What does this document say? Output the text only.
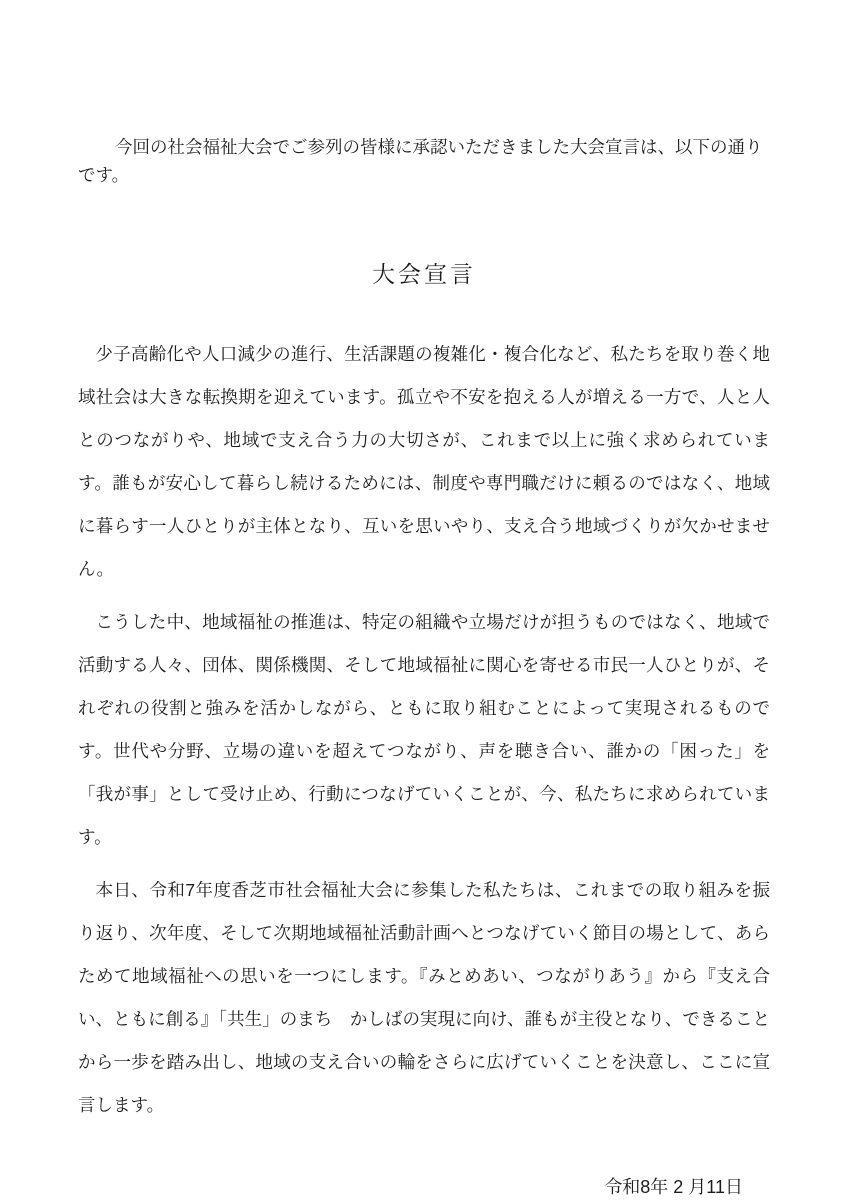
今回の社会福祉大会でご参列の皆様に承認いただきました大会宣言は、以下の通りです。

大会宣言

少子高齢化や人口減少の進行、生活課題の複雑化・複合化など、私たちを取り巻く地域社会は大きな転換期を迎えています。孤立や不安を抱える人が増える一方で、人と人とのつながりや、地域で支え合う力の大切さが、これまで以上に強く求められています。誰もが安心して暮らし続けるためには、制度や専門職だけに頼るのではなく、地域に暮らす一人ひとりが主体となり、互いを思いやり、支え合う地域づくりが欠かせません。

こうした中、地域福祉の推進は、特定の組織や立場だけが担うものではなく、地域で活動する人々、団体、関係機関、そして地域福祉に関心を寄せる市民一人ひとりが、それぞれの役割と強みを活かしながら、ともに取り組むことによって実現されるものです。世代や分野、立場の違いを超えてつながり、声を聴き合い、誰かの「困った」を「我が事」として受け止め、行動につなげていくことが、今、私たちに求められています。

本日、令和7年度香芝市社会福祉大会に参集した私たちは、これまでの取り組みを振り返り、次年度、そして次期地域福祉活動計画へとつなげていく節目の場として、あらためて地域福祉への思いを一つにします。『みとめあい、つながりあう』から『支え合い、ともに創る』「共生」のまち　かしばの実現に向け、誰もが主役となり、できることから一歩を踏み出し、地域の支え合いの輪をさらに広げていくことを決意し、ここに宣言します。

令和8年 2 月11日
